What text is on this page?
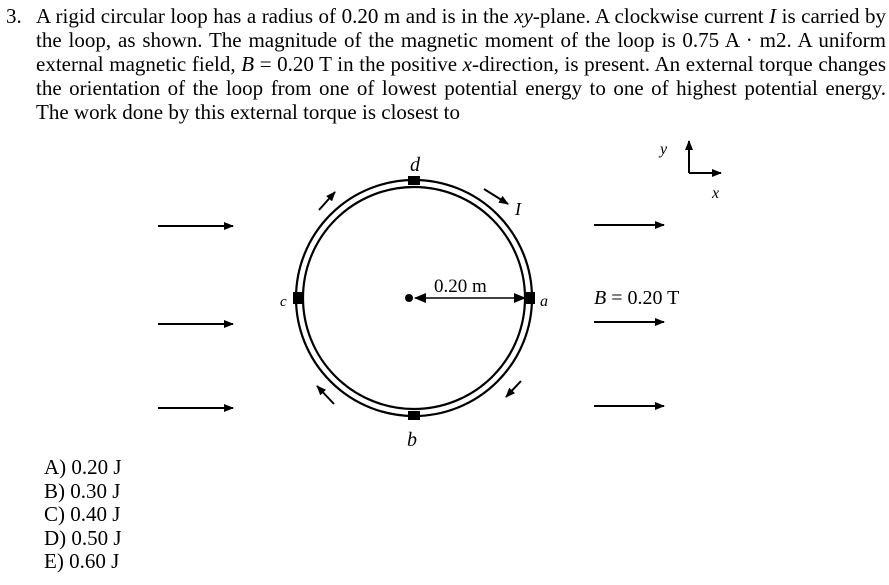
3. A rigid circular loop has a radius of 0.20 m and is in the xy-plane. A clockwise current I is carried by the loop, as shown. The magnitude of the magnetic moment of the loop is 0.75 A · m2. A uniform external magnetic field, B = 0.20 T in the positive x-direction, is present. An external torque changes the orientation of the loop from one of lowest potential energy to one of highest potential energy. The work done by this external torque is closest to
d
b
c	a
I
0.20 m
B = 0.20 T
y
x
A) 0.20 J
B) 0.30 J
C) 0.40 J
D) 0.50 J
E) 0.60 J
